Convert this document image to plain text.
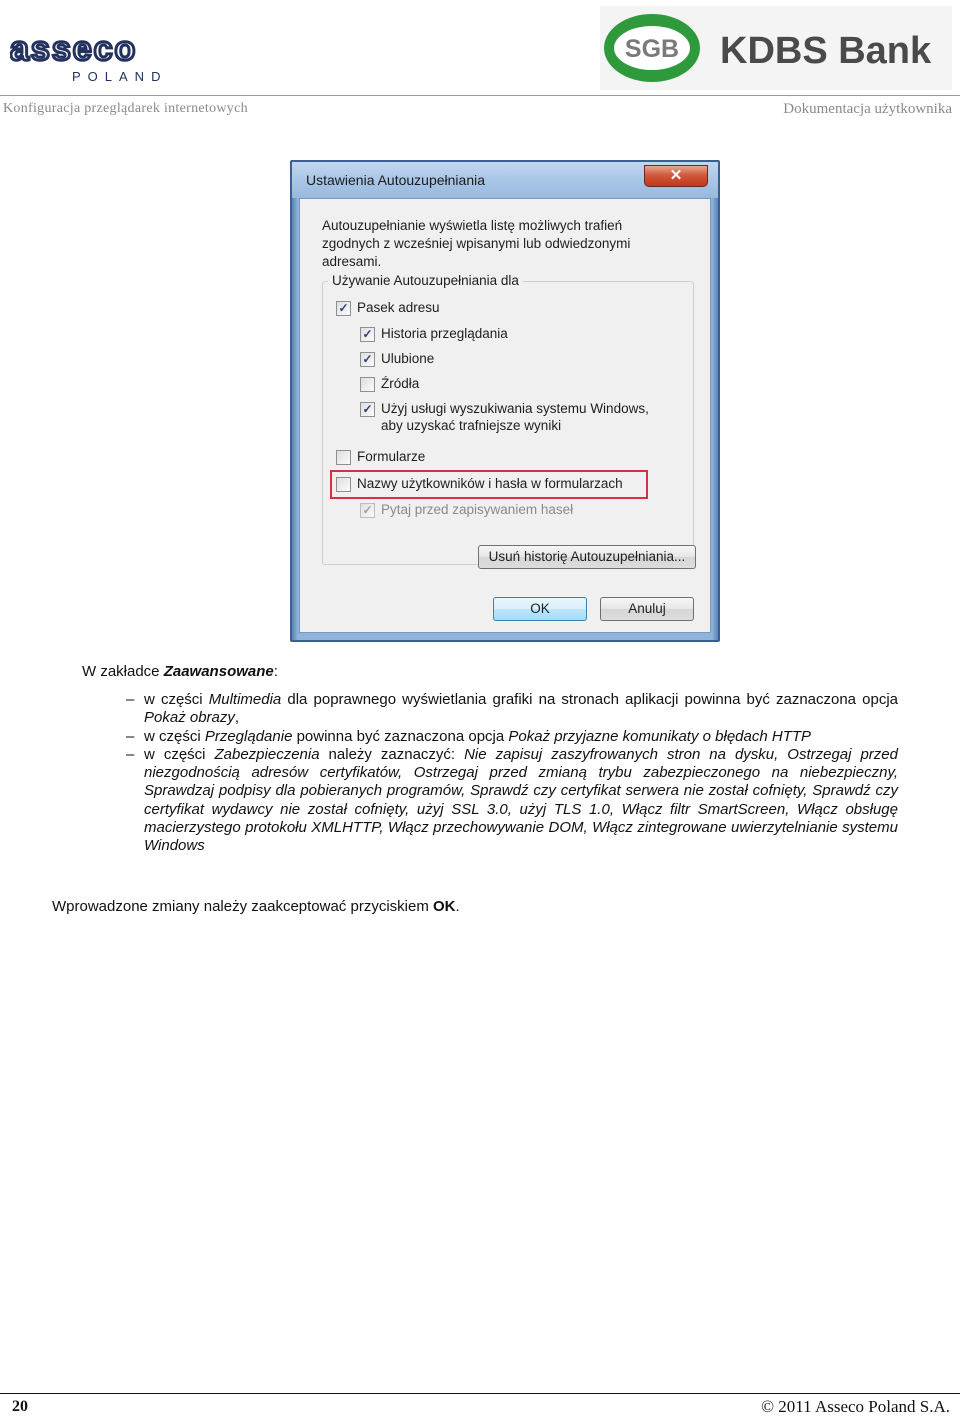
asseco
POLAND
SGB KDBS Bank
Konfiguracja przeglądarek internetowych	Dokumentacja użytkownika
Ustawienia Autouzupełniania	✕
Autouzupełnianie wyświetla listę możliwych trafień zgodnych z wcześniej wpisanymi lub odwiedzonymi adresami.
Używanie Autouzupełniania dla
✓ Pasek adresu
✓ Historia przeglądania
✓ Ulubione
Źródła
✓ Użyj usługi wyszukiwania systemu Windows, aby uzyskać trafniejsze wyniki
Formularze
Nazwy użytkowników i hasła w formularzach
✓ Pytaj przed zapisywaniem haseł
Usuń historię Autouzupełniania...
OK	Anuluj
W zakładce Zaawansowane:
– w części Multimedia dla poprawnego wyświetlania grafiki na stronach aplikacji powinna być zaznaczona opcja Pokaż obrazy,
– w części Przeglądanie powinna być zaznaczona opcja Pokaż przyjazne komunikaty o błędach HTTP
– w części Zabezpieczenia należy zaznaczyć: Nie zapisuj zaszyfrowanych stron na dysku, Ostrzegaj przed niezgodnością adresów certyfikatów, Ostrzegaj przed zmianą trybu zabezpieczonego na niebezpieczny, Sprawdzaj podpisy dla pobieranych programów, Sprawdź czy certyfikat serwera nie został cofnięty, Sprawdź czy certyfikat wydawcy nie został cofnięty, użyj SSL 3.0, użyj TLS 1.0, Włącz filtr SmartScreen, Włącz obsługę macierzystego protokołu XMLHTTP, Włącz przechowywanie DOM, Włącz zintegrowane uwierzytelnianie systemu Windows
Wprowadzone zmiany należy zaakceptować przyciskiem OK.
20	© 2011 Asseco Poland S.A.
